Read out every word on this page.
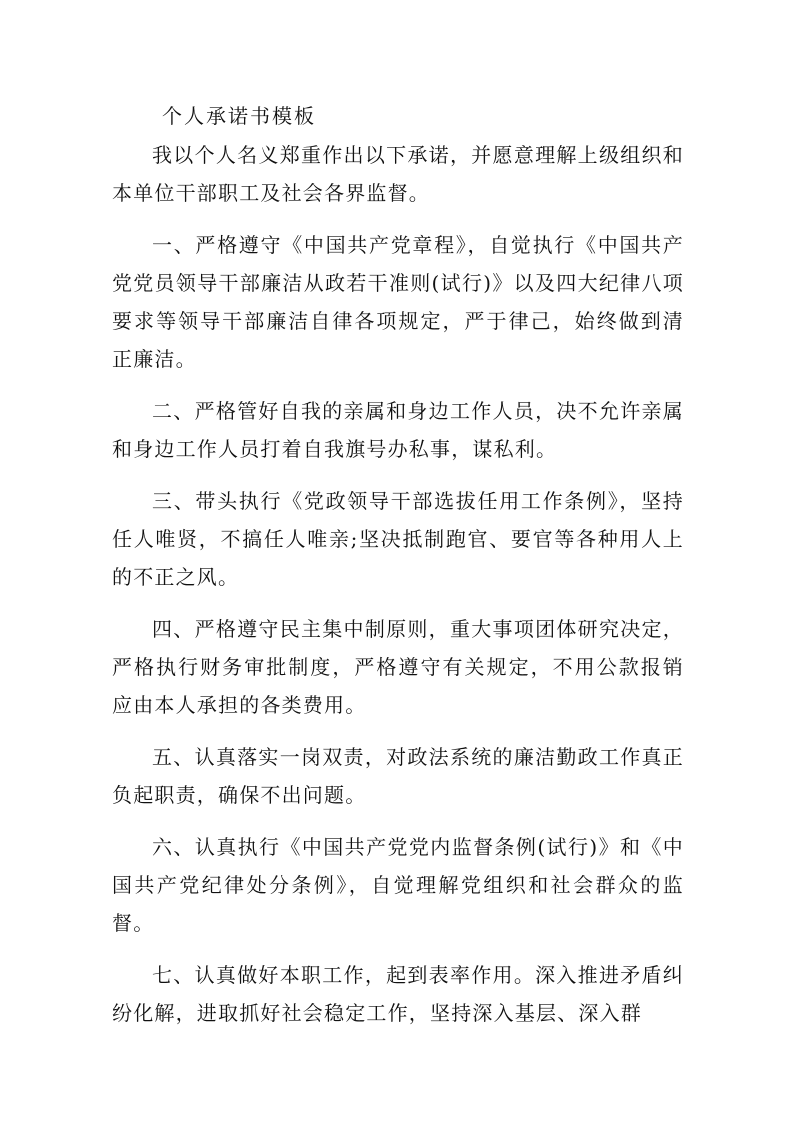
个人承诺书模板

我以个人名义郑重作出以下承诺，并愿意理解上级组织和本单位干部职工及社会各界监督。

一、严格遵守《中国共产党章程》，自觉执行《中国共产党党员领导干部廉洁从政若干准则(试行)》以及四大纪律八项要求等领导干部廉洁自律各项规定，严于律己，始终做到清正廉洁。

二、严格管好自我的亲属和身边工作人员，决不允许亲属和身边工作人员打着自我旗号办私事，谋私利。

三、带头执行《党政领导干部选拔任用工作条例》，坚持任人唯贤，不搞任人唯亲;坚决抵制跑官、要官等各种用人上的不正之风。

四、严格遵守民主集中制原则，重大事项团体研究决定，严格执行财务审批制度，严格遵守有关规定，不用公款报销应由本人承担的各类费用。

五、认真落实一岗双责，对政法系统的廉洁勤政工作真正负起职责，确保不出问题。

六、认真执行《中国共产党党内监督条例(试行)》和《中国共产党纪律处分条例》，自觉理解党组织和社会群众的监督。

七、认真做好本职工作，起到表率作用。深入推进矛盾纠纷化解，进取抓好社会稳定工作，坚持深入基层、深入群
